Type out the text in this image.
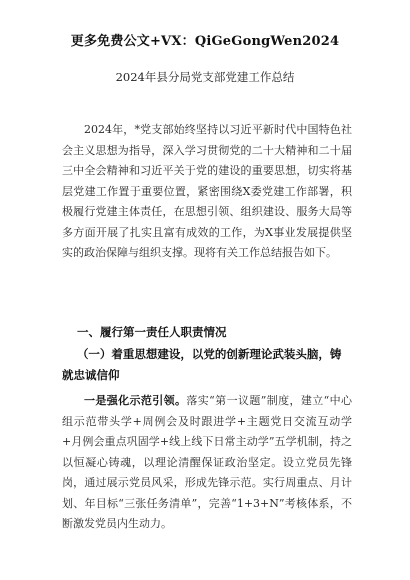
更多免费公文+VX：QiGeGongWen2024
2024年县分局党支部党建工作总结

2024年，*党支部始终坚持以习近平新时代中国特色社会主义思想为指导，深入学习贯彻党的二十大精神和二十届三中全会精神和习近平关于党的建设的重要思想，切实将基层党建工作置于重要位置，紧密围绕X委党建工作部署，积极履行党建主体责任，在思想引领、组织建设、服务大局等多方面开展了扎实且富有成效的工作，为X事业发展提供坚实的政治保障与组织支撑。现将有关工作总结报告如下。

一、履行第一责任人职责情况

（一）着重思想建设，以党的创新理论武装头脑，铸就忠诚信仰

一是强化示范引领。落实“第一议题”制度，建立“中心组示范带头学+周例会及时跟进学+主题党日交流互动学+月例会重点巩固学+线上线下日常主动学”五学机制，持之以恒凝心铸魂，以理论清醒保证政治坚定。设立党员先锋岗，通过展示党员风采，形成先锋示范。实行周重点、月计划、年目标“三张任务清单”，完善“1+3+N”考核体系，不断激发党员内生动力。
